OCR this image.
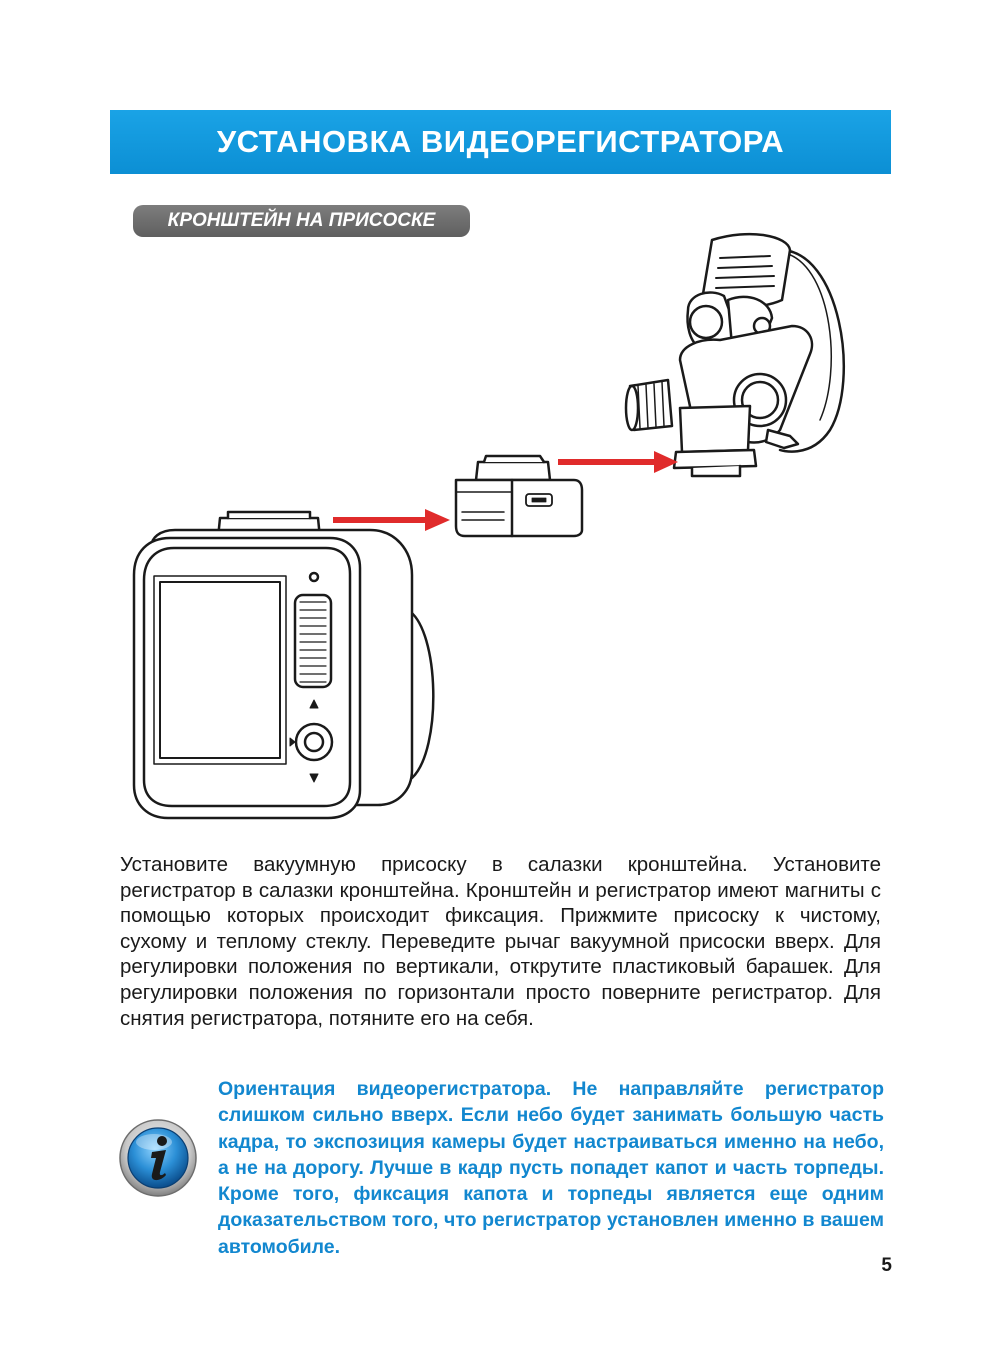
УСТАНОВКА ВИДЕОРЕГИСТРАТОРА
КРОНШТЕЙН НА ПРИСОСКЕ

Установите вакуумную присоску в салазки кронштейна. Установите регистратор в салазки кронштейна. Кронштейн и регистратор имеют магниты с помощью которых происходит фиксация. Прижмите присоску к чистому, сухому и теплому стеклу. Переведите рычаг вакуумной присоски вверх. Для регулировки положения по вертикали, открутите пластиковый барашек. Для регулировки положения по горизонтали просто поверните регистратор. Для снятия регистратора, потяните его на себя.

Ориентация видеорегистратора. Не направляйте регистратор слишком сильно вверх. Если небо будет занимать большую часть кадра, то экспозиция камеры будет настраиваться именно на небо, а не на дорогу. Лучше в кадр пусть попадет капот и часть торпеды. Кроме того, фиксация капота и торпеды является еще одним доказательством того, что регистратор установлен именно в вашем автомобиле.

5
